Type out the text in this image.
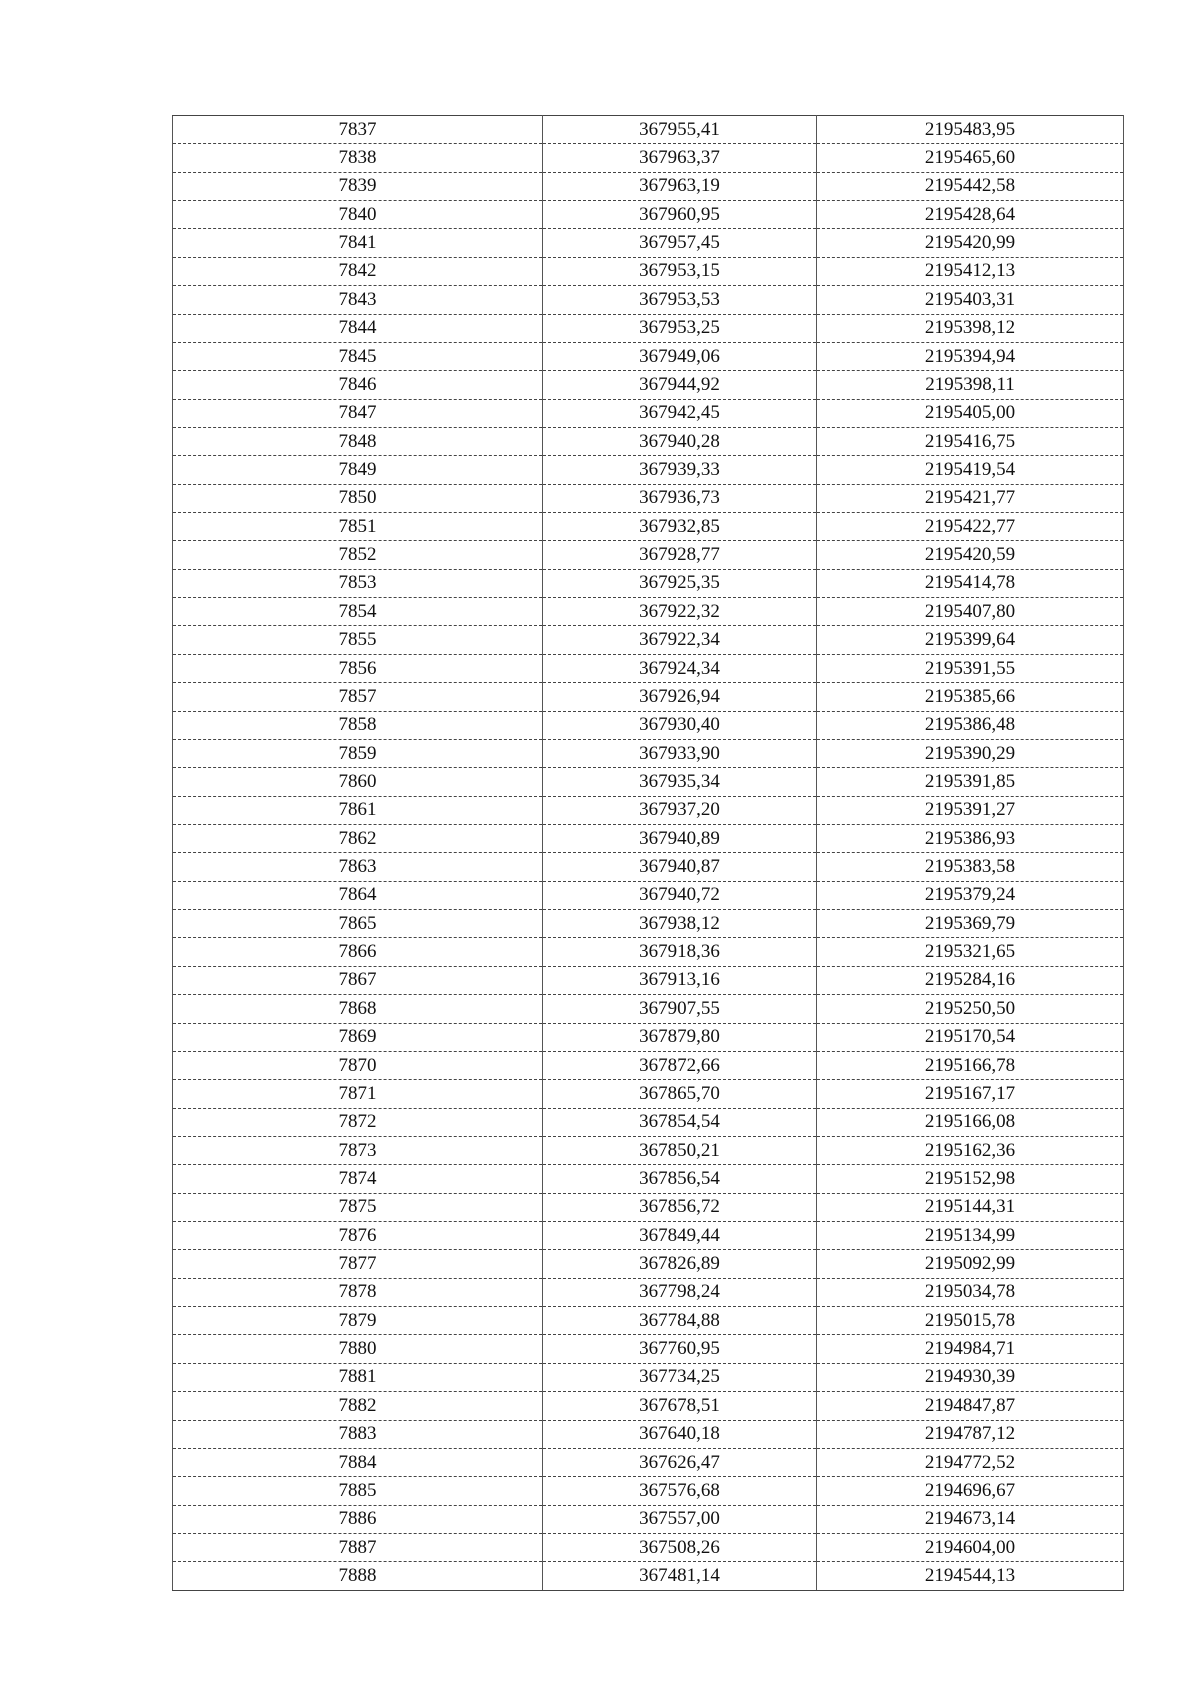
7837	367955,41	2195483,95
7838	367963,37	2195465,60
7839	367963,19	2195442,58
7840	367960,95	2195428,64
7841	367957,45	2195420,99
7842	367953,15	2195412,13
7843	367953,53	2195403,31
7844	367953,25	2195398,12
7845	367949,06	2195394,94
7846	367944,92	2195398,11
7847	367942,45	2195405,00
7848	367940,28	2195416,75
7849	367939,33	2195419,54
7850	367936,73	2195421,77
7851	367932,85	2195422,77
7852	367928,77	2195420,59
7853	367925,35	2195414,78
7854	367922,32	2195407,80
7855	367922,34	2195399,64
7856	367924,34	2195391,55
7857	367926,94	2195385,66
7858	367930,40	2195386,48
7859	367933,90	2195390,29
7860	367935,34	2195391,85
7861	367937,20	2195391,27
7862	367940,89	2195386,93
7863	367940,87	2195383,58
7864	367940,72	2195379,24
7865	367938,12	2195369,79
7866	367918,36	2195321,65
7867	367913,16	2195284,16
7868	367907,55	2195250,50
7869	367879,80	2195170,54
7870	367872,66	2195166,78
7871	367865,70	2195167,17
7872	367854,54	2195166,08
7873	367850,21	2195162,36
7874	367856,54	2195152,98
7875	367856,72	2195144,31
7876	367849,44	2195134,99
7877	367826,89	2195092,99
7878	367798,24	2195034,78
7879	367784,88	2195015,78
7880	367760,95	2194984,71
7881	367734,25	2194930,39
7882	367678,51	2194847,87
7883	367640,18	2194787,12
7884	367626,47	2194772,52
7885	367576,68	2194696,67
7886	367557,00	2194673,14
7887	367508,26	2194604,00
7888	367481,14	2194544,13
